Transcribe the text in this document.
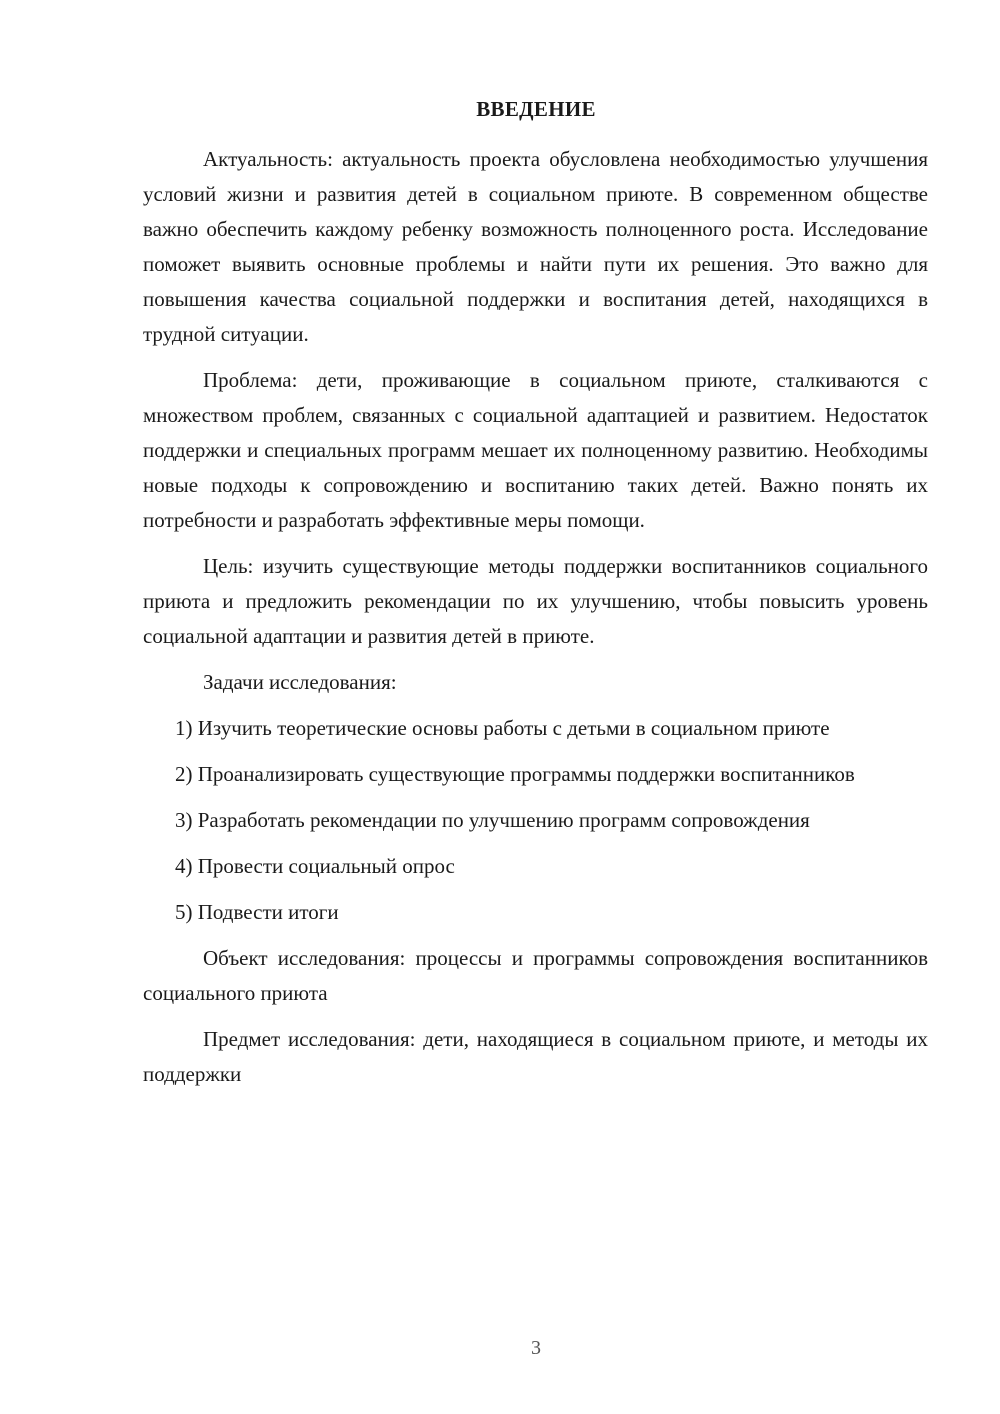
ВВЕДЕНИЕ

Актуальность: актуальность проекта обусловлена необходимостью улучшения условий жизни и развития детей в социальном приюте. В современном обществе важно обеспечить каждому ребенку возможность полноценного роста. Исследование поможет выявить основные проблемы и найти пути их решения. Это важно для повышения качества социальной поддержки и воспитания детей, находящихся в трудной ситуации.

Проблема: дети, проживающие в социальном приюте, сталкиваются с множеством проблем, связанных с социальной адаптацией и развитием. Недостаток поддержки и специальных программ мешает их полноценному развитию. Необходимы новые подходы к сопровождению и воспитанию таких детей. Важно понять их потребности и разработать эффективные меры помощи.

Цель: изучить существующие методы поддержки воспитанников социального приюта и предложить рекомендации по их улучшению, чтобы повысить уровень социальной адаптации и развития детей в приюте.

Задачи исследования:

1) Изучить теоретические основы работы с детьми в социальном приюте

2) Проанализировать существующие программы поддержки воспитанников

3) Разработать рекомендации по улучшению программ сопровождения

4) Провести социальный опрос

5) Подвести итоги

Объект исследования: процессы и программы сопровождения воспитанников социального приюта

Предмет исследования: дети, находящиеся в социальном приюте, и методы их поддержки

3
